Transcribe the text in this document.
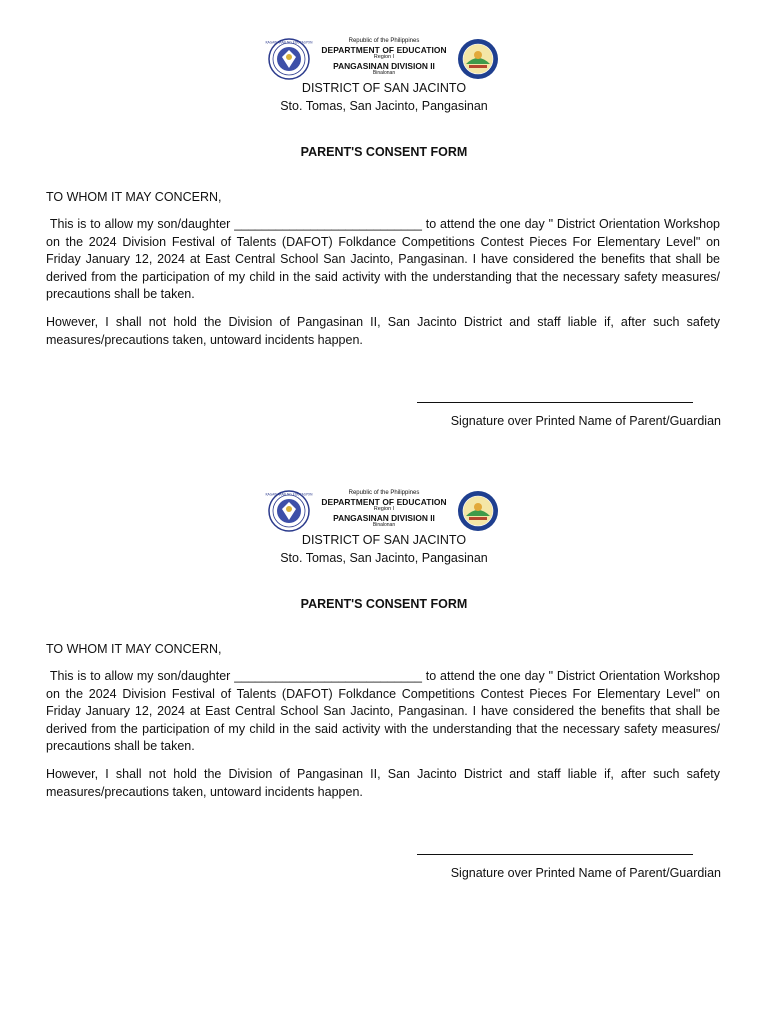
KAGAWARAN NG EDUKASYON	Republic of the Philippines
DEPARTMENT OF EDUCATION
Region I
PANGASINAN DIVISION II
Binalonan
DISTRICT OF SAN JACINTO
Sto. Tomas, San Jacinto, Pangasinan
PARENT'S CONSENT FORM
TO WHOM IT MAY CONCERN,

This is to allow my son/daughter ___________________________ to attend the one day " District Orientation Workshop on the 2024 Division Festival of Talents (DAFOT) Folkdance Competitions Contest Pieces For Elementary Level" on Friday January 12, 2024 at East Central School San Jacinto, Pangasinan. I have considered the benefits that shall be derived from the participation of my child in the said activity with the understanding that the necessary safety measures/ precautions shall be taken.

However, I shall not hold the Division of Pangasinan II, San Jacinto District and staff liable if, after such safety measures/precautions taken, untoward incidents happen.

Signature over Printed Name of Parent/Guardian
KAGAWARAN NG EDUKASYON	Republic of the Philippines
DEPARTMENT OF EDUCATION
Region I
PANGASINAN DIVISION II
Binalonan
DISTRICT OF SAN JACINTO
Sto. Tomas, San Jacinto, Pangasinan
PARENT'S CONSENT FORM
TO WHOM IT MAY CONCERN,

This is to allow my son/daughter ___________________________ to attend the one day " District Orientation Workshop on the 2024 Division Festival of Talents (DAFOT) Folkdance Competitions Contest Pieces For Elementary Level" on Friday January 12, 2024 at East Central School San Jacinto, Pangasinan. I have considered the benefits that shall be derived from the participation of my child in the said activity with the understanding that the necessary safety measures/ precautions shall be taken.

However, I shall not hold the Division of Pangasinan II, San Jacinto District and staff liable if, after such safety measures/precautions taken, untoward incidents happen.

Signature over Printed Name of Parent/Guardian
